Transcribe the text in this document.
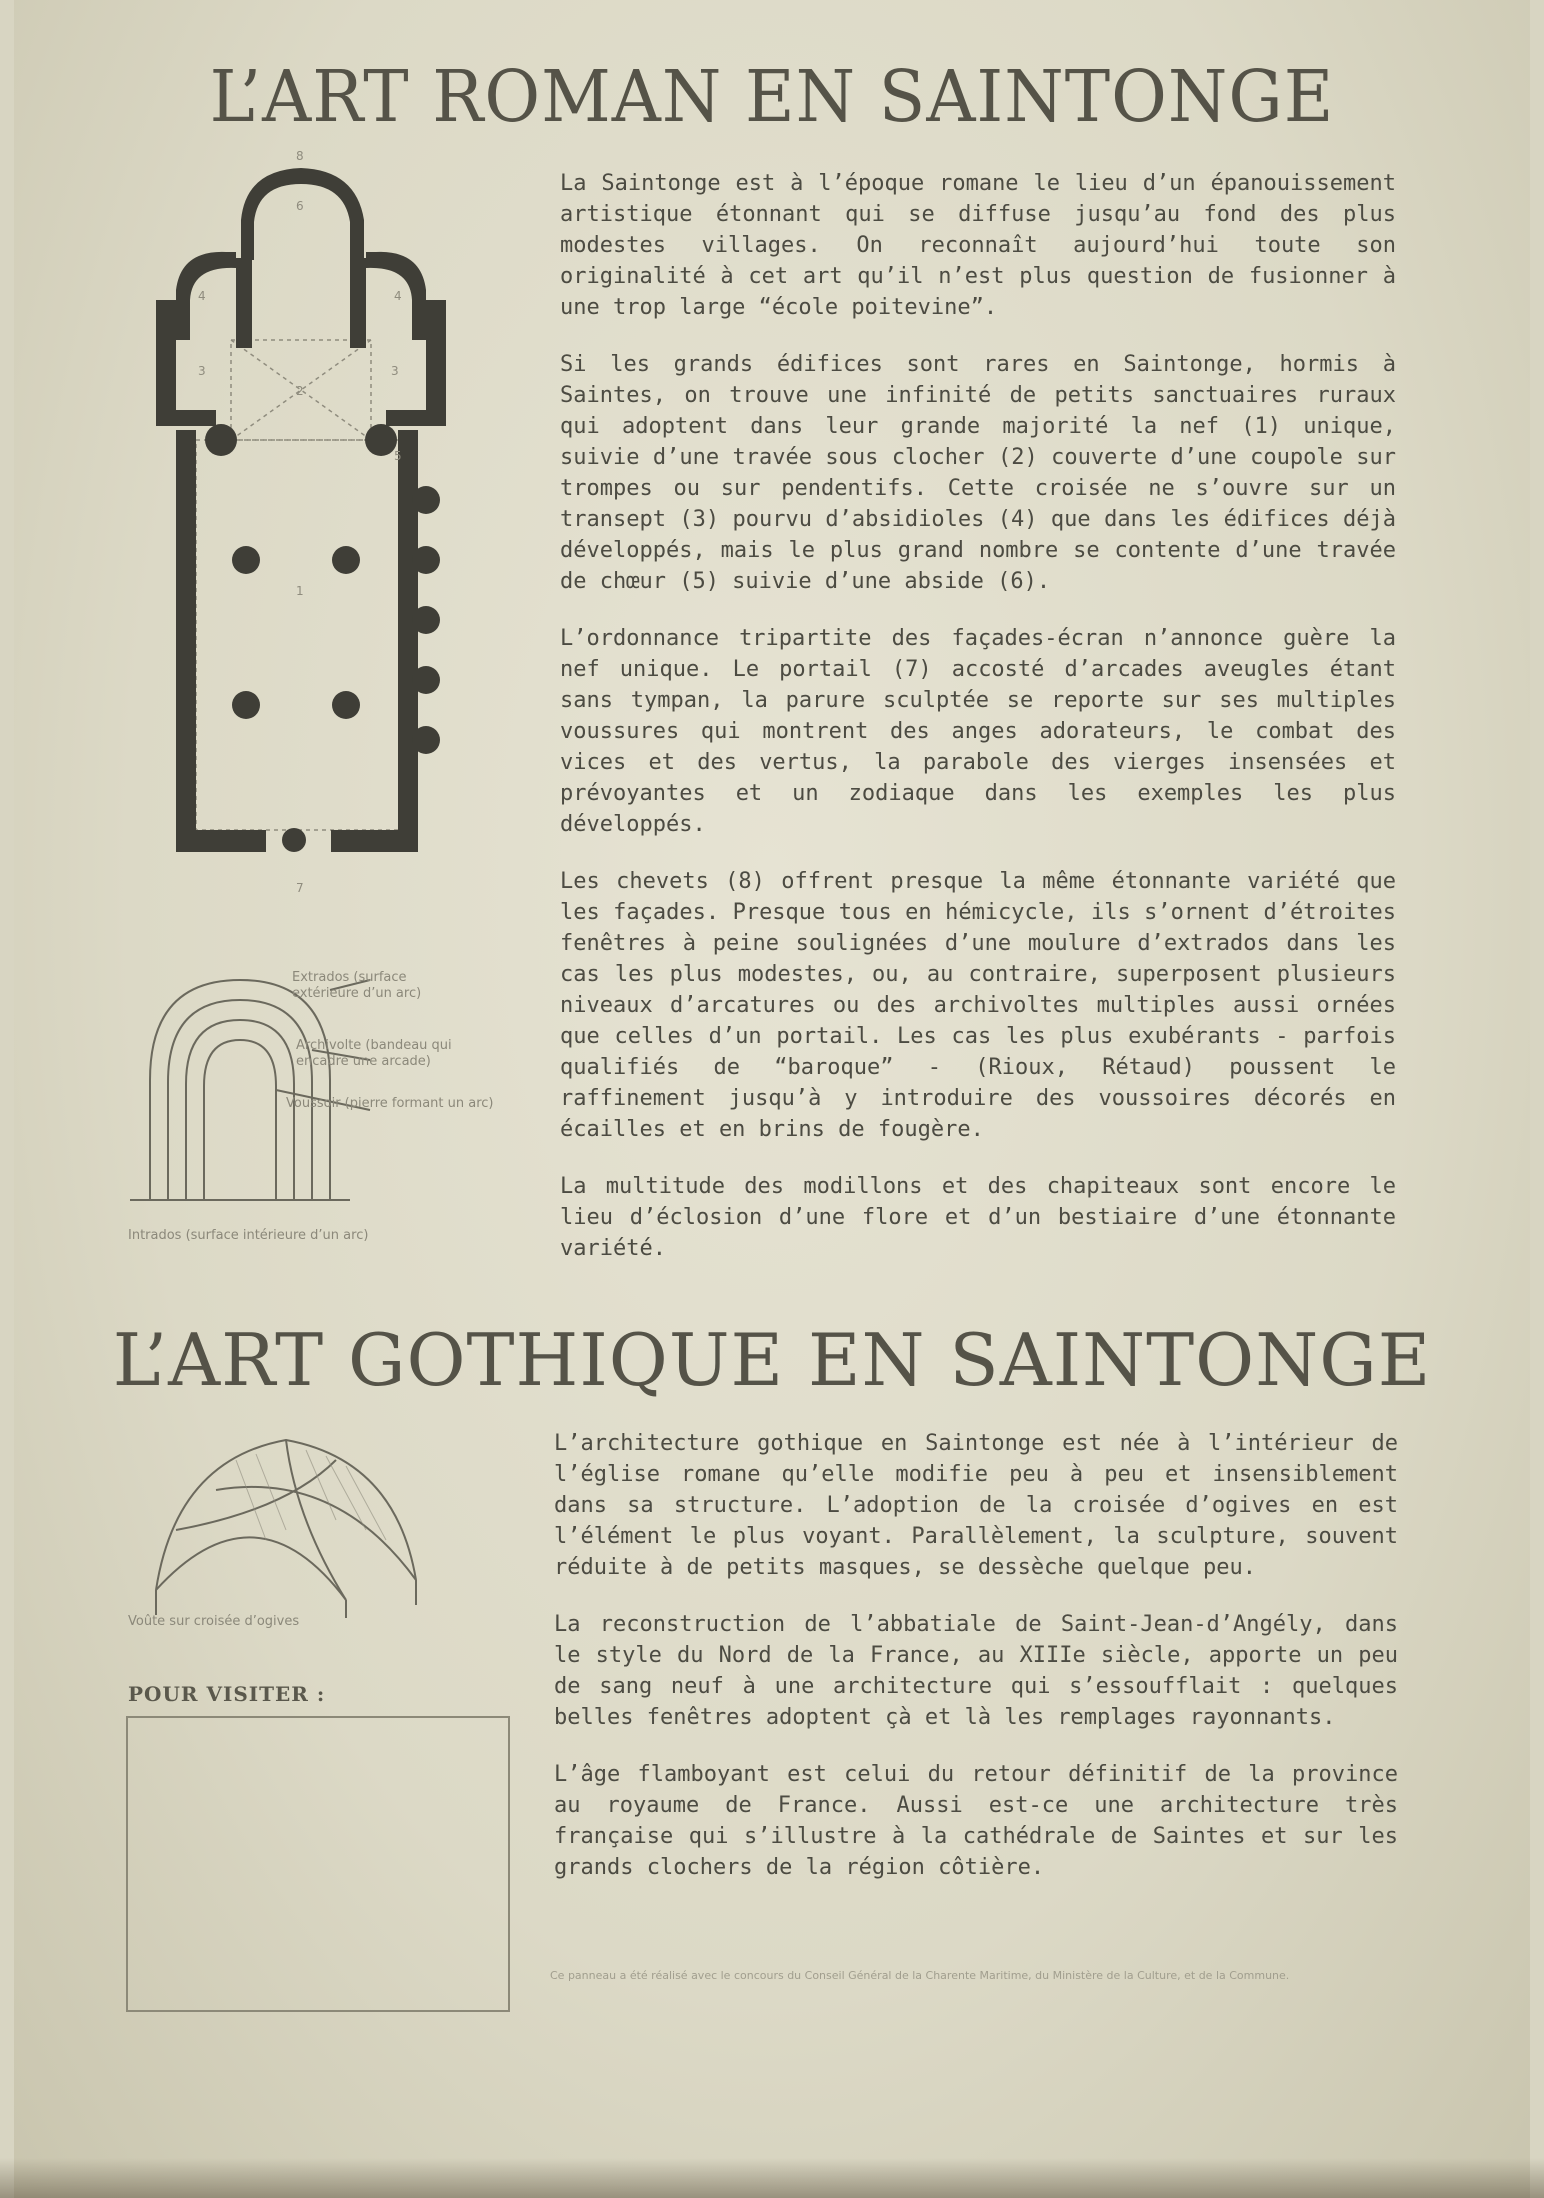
L’ART ROMAN EN SAINTONGE
8
6
4	4
3	3
2
1
5
7
Extrados (surface extérieure d’un arc)
Archivolte (bandeau qui encadre une arcade)
Voussoir (pierre formant un arc)
Intrados (surface intérieure d’un arc)

La Saintonge est à l’époque romane le lieu d’un épanouissement artistique étonnant qui se diffuse jusqu’au fond des plus modestes villages. On reconnaît aujourd’hui toute son originalité à cet art qu’il n’est plus question de fusionner à une trop large “école poitevine”.

Si les grands édifices sont rares en Saintonge, hormis à Saintes, on trouve une infinité de petits sanctuaires ruraux qui adoptent dans leur grande majorité la nef (1) unique, suivie d’une travée sous clocher (2) couverte d’une coupole sur trompes ou sur pendentifs. Cette croisée ne s’ouvre sur un transept (3) pourvu d’absidioles (4) que dans les édifices déjà développés, mais le plus grand nombre se contente d’une travée de chœur (5) suivie d’une abside (6).

L’ordonnance tripartite des façades-écran n’annonce guère la nef unique. Le portail (7) accosté d’arcades aveugles étant sans tympan, la parure sculptée se reporte sur ses multiples voussures qui montrent des anges adorateurs, le combat des vices et des vertus, la parabole des vierges insensées et prévoyantes et un zodiaque dans les exemples les plus développés.

Les chevets (8) offrent presque la même étonnante variété que les façades. Presque tous en hémicycle, ils s’ornent d’étroites fenêtres à peine soulignées d’une moulure d’extrados dans les cas les plus modestes, ou, au contraire, superposent plusieurs niveaux d’arcatures ou des archivoltes multiples aussi ornées que celles d’un portail. Les cas les plus exubérants - parfois qualifiés de “baroque” - (Rioux, Rétaud) poussent le raffinement jusqu’à y introduire des voussoires décorés en écailles et en brins de fougère.

La multitude des modillons et des chapiteaux sont encore le lieu d’éclosion d’une flore et d’un bestiaire d’une étonnante variété.

L’ART GOTHIQUE EN SAINTONGE
Voûte sur croisée d’ogives
POUR VISITER :

L’architecture gothique en Saintonge est née à l’intérieur de l’église romane qu’elle modifie peu à peu et insensiblement dans sa structure. L’adoption de la croisée d’ogives en est l’élément le plus voyant. Parallèlement, la sculpture, souvent réduite à de petits masques, se dessèche quelque peu.

La reconstruction de l’abbatiale de Saint-Jean-d’Angély, dans le style du Nord de la France, au XIIIe siècle, apporte un peu de sang neuf à une architecture qui s’essoufflait : quelques belles fenêtres adoptent çà et là les remplages rayonnants.

L’âge flamboyant est celui du retour définitif de la province au royaume de France. Aussi est-ce une architecture très française qui s’illustre à la cathédrale de Saintes et sur les grands clochers de la région côtière.

Ce panneau a été réalisé avec le concours du Conseil Général de la Charente Maritime, du Ministère de la Culture, et de la Commune.
